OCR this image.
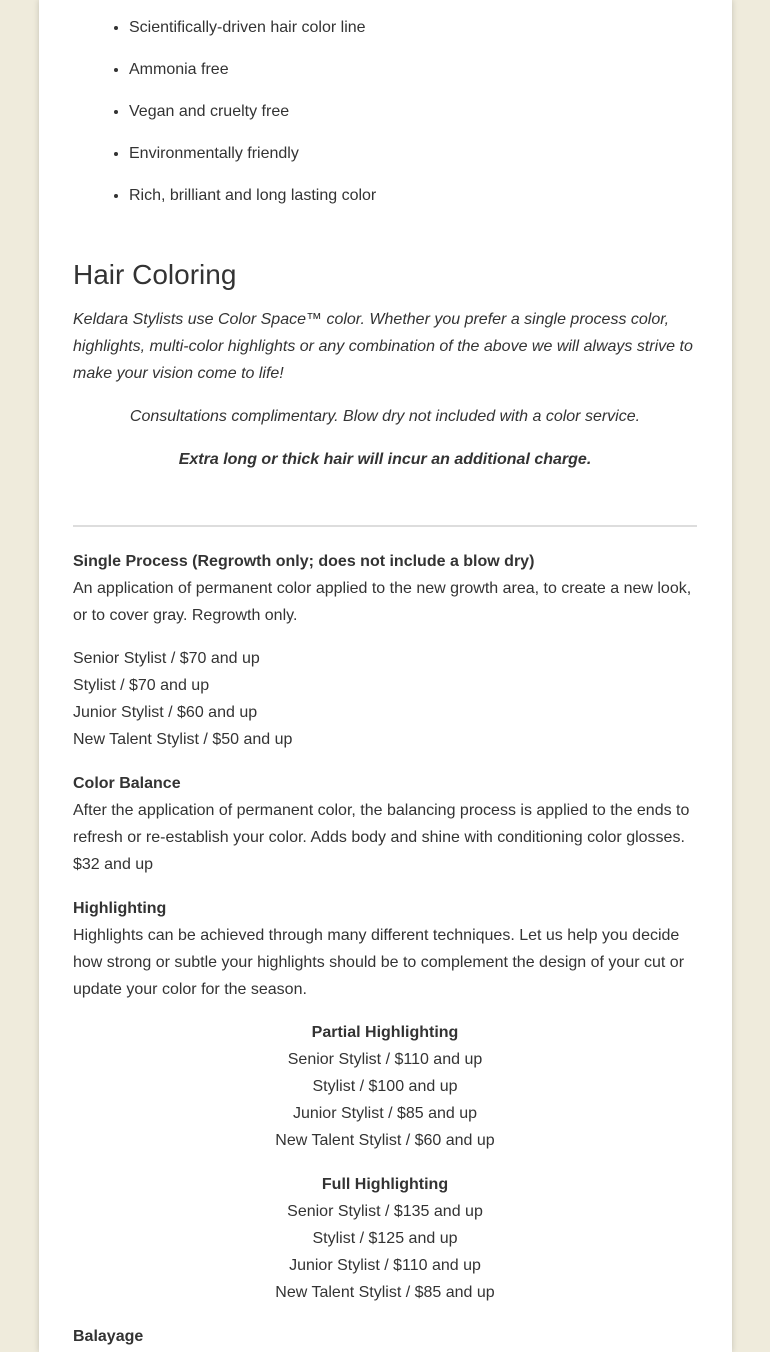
• Scientifically-driven hair color line
• Ammonia free
• Vegan and cruelty free
• Environmentally friendly
• Rich, brilliant and long lasting color
Hair Coloring

Keldara Stylists use Color Space™ color. Whether you prefer a single process color, highlights, multi-color highlights or any combination of the above we will always strive to make your vision come to life!

Consultations complimentary. Blow dry not included with a color service.

Extra long or thick hair will incur an additional charge.

Single Process (Regrowth only; does not include a blow dry)

An application of permanent color applied to the new growth area, to create a new look, or to cover gray. Regrowth only.

Senior Stylist / $70 and up

Stylist / $70 and up

Junior Stylist / $60 and up

New Talent Stylist / $50 and up

Color Balance

After the application of permanent color, the balancing process is applied to the ends to refresh or re-establish your color. Adds body and shine with conditioning color glosses.

$32 and up

Highlighting

Highlights can be achieved through many different techniques. Let us help you decide how strong or subtle your highlights should be to complement the design of your cut or update your color for the season.

Partial Highlighting

Senior Stylist / $110 and up

Stylist / $100 and up

Junior Stylist / $85 and up

New Talent Stylist / $60 and up

Full Highlighting

Senior Stylist / $135 and up

Stylist / $125 and up

Junior Stylist / $110 and up

New Talent Stylist / $85 and up

Balayage
